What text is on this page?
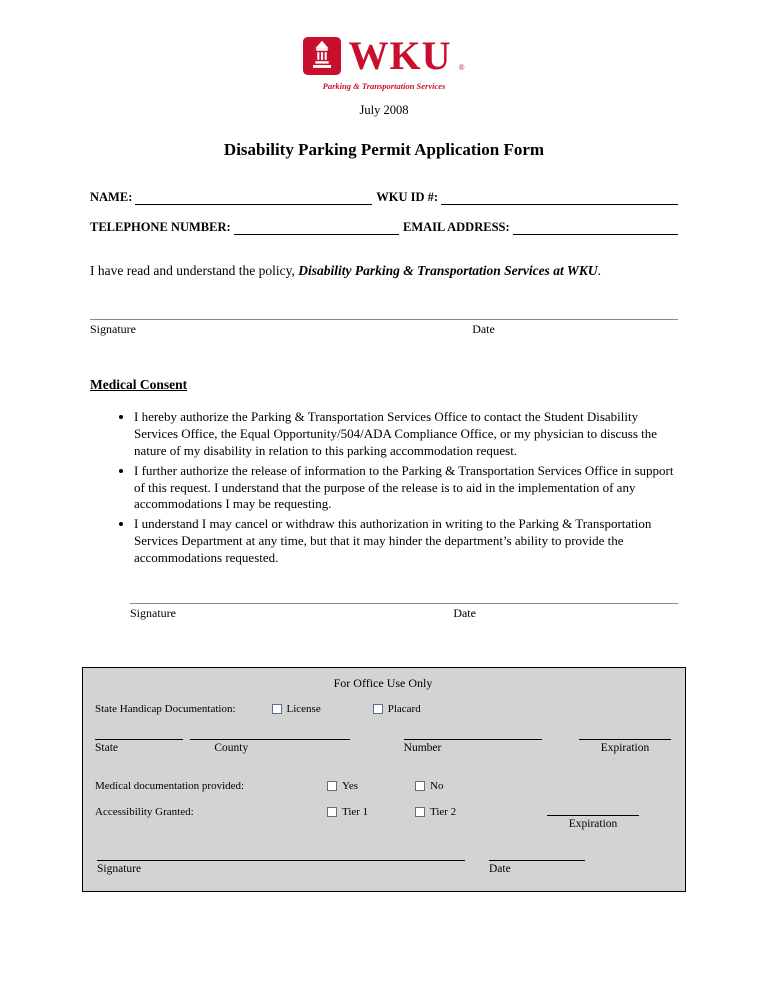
WKU ®
Parking & Transportation Services
July 2008
Disability Parking Permit Application Form
NAME:	WKU ID #:
TELEPHONE NUMBER:	EMAIL ADDRESS:

I have read and understand the policy, Disability Parking & Transportation Services at WKU.

Signature	Date
Medical Consent
• I hereby authorize the Parking & Transportation Services Office to contact the Student Disability Services Office, the Equal Opportunity/504/ADA Compliance Office, or my physician to discuss the nature of my disability in relation to this parking accommodation request.
• I further authorize the release of information to the Parking & Transportation Services Office in support of this request. I understand that the purpose of the release is to aid in the implementation of any accommodations I may be requesting.
• I understand I may cancel or withdraw this authorization in writing to the Parking & Transportation Services Department at any time, but that it may hinder the department’s ability to provide the accommodations requested.
Signature	Date
For Office Use Only
State Handicap Documentation:	License	Placard
State	County	Number	Expiration
Medical documentation provided:	Yes	No
Accessibility Granted:	Tier 1	Tier 2
Expiration
Signature	Date
